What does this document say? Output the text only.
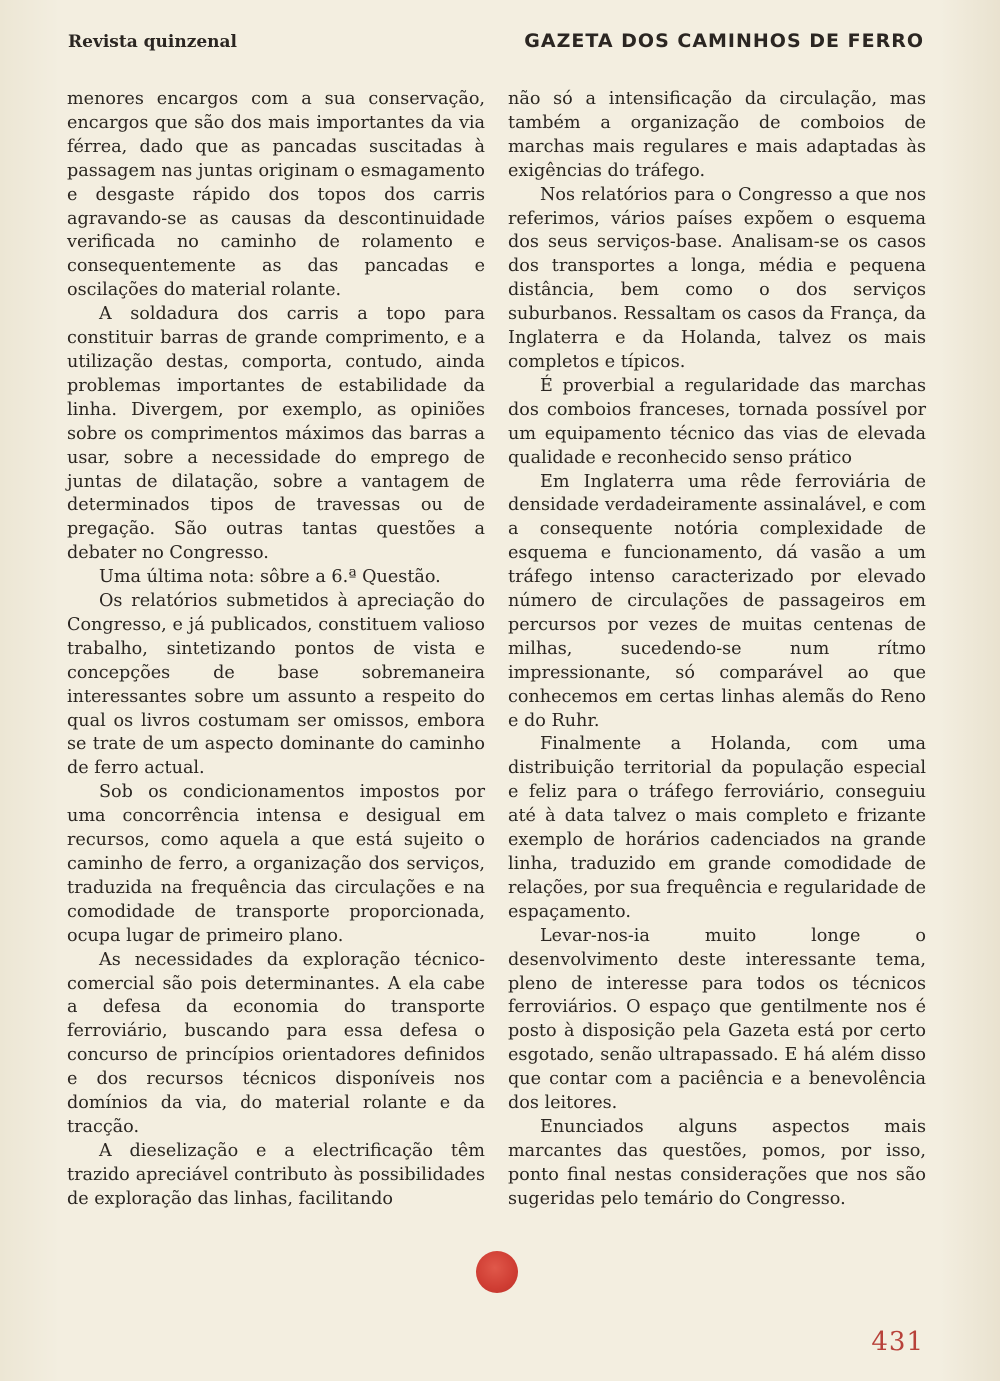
Revista quinzenal	GAZETA DOS CAMINHOS DE FERRO

menores encargos com a sua conservação, encargos que são dos mais importantes da via férrea, dado que as pancadas suscitadas à passagem nas juntas originam o esmagamento e desgaste rápido dos topos dos carris agravando-se as causas da descontinuidade verificada no caminho de rolamento e consequentemente as das pancadas e oscilações do material rolante.

A soldadura dos carris a topo para constituir barras de grande comprimento, e a utilização destas, comporta, contudo, ainda problemas importantes de estabilidade da linha. Divergem, por exemplo, as opiniões sobre os comprimentos máximos das barras a usar, sobre a necessidade do emprego de juntas de dilatação, sobre a vantagem de determinados tipos de travessas ou de pregação. São outras tantas questões a debater no Congresso.

Uma última nota: sôbre a 6.ª Questão.

Os relatórios submetidos à apreciação do Congresso, e já publicados, constituem valioso trabalho, sintetizando pontos de vista e concepções de base sobremaneira interessantes sobre um assunto a respeito do qual os livros costumam ser omissos, embora se trate de um aspecto dominante do caminho de ferro actual.

Sob os condicionamentos impostos por uma concorrência intensa e desigual em recursos, como aquela a que está sujeito o caminho de ferro, a organização dos serviços, traduzida na frequência das circulações e na comodidade de transporte proporcionada, ocupa lugar de primeiro plano.

As necessidades da exploração técnico-comercial são pois determinantes. A ela cabe a defesa da economia do transporte ferroviário, buscando para essa defesa o concurso de princípios orientadores definidos e dos recursos técnicos disponíveis nos domínios da via, do material rolante e da tracção.

A dieselização e a electrificação têm trazido apreciável contributo às possibilidades de exploração das linhas, facilitando

não só a intensificação da circulação, mas também a organização de comboios de marchas mais regulares e mais adaptadas às exigências do tráfego.

Nos relatórios para o Congresso a que nos referimos, vários países expõem o esquema dos seus serviços-base. Analisam-se os casos dos transportes a longa, média e pequena distância, bem como o dos serviços suburbanos. Ressaltam os casos da França, da Inglaterra e da Holanda, talvez os mais completos e típicos.

É proverbial a regularidade das marchas dos comboios franceses, tornada possível por um equipamento técnico das vias de elevada qualidade e reconhecido senso prático

Em Inglaterra uma rêde ferroviária de densidade verdadeiramente assinalável, e com a consequente notória complexidade de esquema e funcionamento, dá vasão a um tráfego intenso caracterizado por elevado número de circulações de passageiros em percursos por vezes de muitas centenas de milhas, sucedendo-se num rítmo impressionante, só comparável ao que conhecemos em certas linhas alemãs do Reno e do Ruhr.

Finalmente a Holanda, com uma distribuição territorial da população especial e feliz para o tráfego ferroviário, conseguiu até à data talvez o mais completo e frizante exemplo de horários cadenciados na grande linha, traduzido em grande comodidade de relações, por sua frequência e regularidade de espaçamento.

Levar-nos-ia muito longe o desenvolvimento deste interessante tema, pleno de interesse para todos os técnicos ferroviários. O espaço que gentilmente nos é posto à disposição pela Gazeta está por certo esgotado, senão ultrapassado. E há além disso que contar com a paciência e a benevolência dos leitores.

Enunciados alguns aspectos mais marcantes das questões, pomos, por isso, ponto final nestas considerações que nos são sugeridas pelo temário do Congresso.

431
